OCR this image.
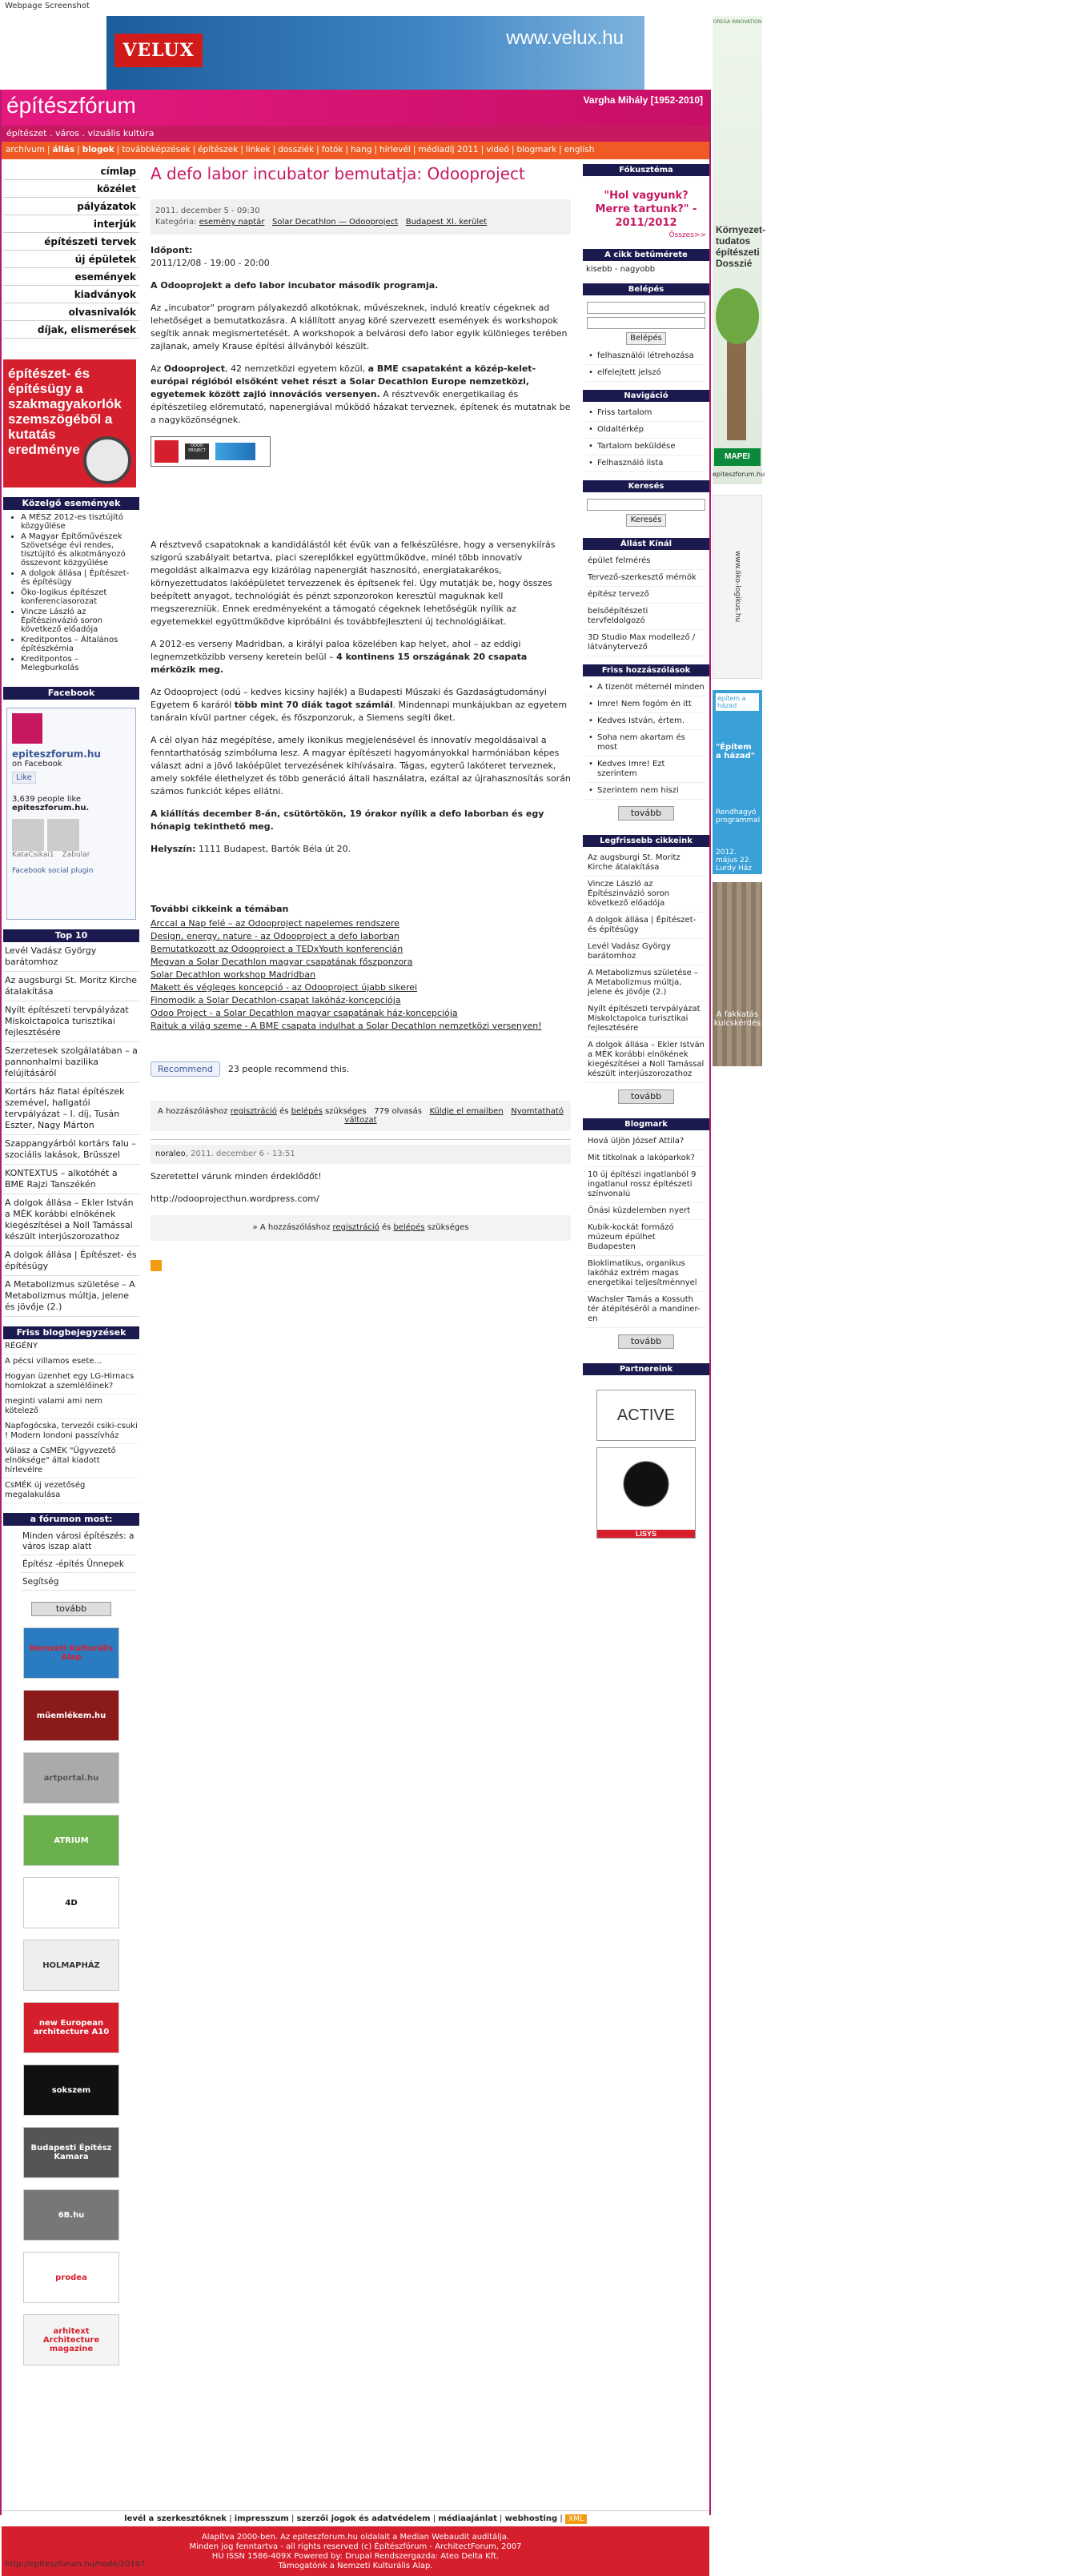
Webpage Screenshot
VELUX
www.velux.hu
építészfórum	Vargha Mihály [1952-2010]
építészet . város . vizuális kultúra
archívum | állás | blogok | továbbképzések | építészek | linkek | dossziék | fotók | hang | hírlevél | médiadíj 2011 | videó | blogmark | english
címlap
közélet
pályázatok
interjúk
építészeti tervek
új épületek
események
kiadványok
olvasnivalók
díjak, elismerések
építészet- és építésügy a szakmagyakorlók szemszögéből a kutatás eredménye
Közelgő események
• A MÉSZ 2012-es tisztújító közgyűlése
• A Magyar Építőművészek Szövetsége évi rendes, tisztújító és alkotmányozó összevont közgyűlése
• A dolgok állása | Építészet- és építésügy
• Öko-logikus építészet konferenciasorozat
• Vincze László az Építészinvázió soron következő előadója
• Kreditpontos – Általános építészkémia
• Kreditpontos – Melegburkolás
Facebook
epiteszforum.hu
on Facebook
Like
3,639 people like
epiteszforum.hu.
KataCsikai1 Zabular
Facebook social plugin
Top 10
Levél Vadász György barátomhoz
Az augsburgi St. Moritz Kirche átalakítása
Nyílt építészeti tervpályázat Miskolctapolca turisztikai fejlesztésére
Szerzetesek szolgálatában – a pannonhalmi bazilika felújításáról
Kortárs ház fiatal építészek szemével, hallgatói tervpályázat – I. díj, Tusán Eszter, Nagy Márton
Szappangyárból kortárs falu – szociális lakások, Brüsszel
KONTEXTUS – alkotóhét a BME Rajzi Tanszékén
A dolgok állása – Ekler István a MÉK korábbi elnökének kiegészítései a Noll Tamással készült interjúszorozathoz
A dolgok állása | Építészet- és építésügy
A Metabolizmus születése – A Metabolizmus múltja, jelene és jövője (2.)
Friss blogbejegyzések
RÉGÉNY
A pécsi villamos esete...
Hogyan üzenhet egy LG-Hirnacs homlokzat a szemlélőinek?
meginti valami ami nem kötelező
Napfogócska, tervezői csiki-csuki ! Modern londoni passzívház
Válasz a CsMÉK "Ügyvezető elnöksége" által kiadott hírlevélre
CsMÉK új vezetőség megalakulása
a fórumon most:
Minden városi építészés: a város iszap alatt
Építész -építés Ünnepek
Segítség
tovább
Nemzeti Kulturális Alap
műemlékem.hu
artportal.hu
ATRIUM
4D
HOLMAPHÁZ
new European architecture A10
sokszem
Budapesti Építész Kamara
6B.hu
prodea
arhitext Architecture magazine
A defo labor incubator bemutatja: Odooproject
2011. december 5 - 09:30
Kategória: esemény naptár Solar Decathlon — Odooproject Budapest XI. kerület

Időpont:
2011/12/08 - 19:00 - 20:00

A Odooprojekt a defo labor incubator második programja.

Az „incubator" program pályakezdő alkotóknak, művészeknek, induló kreatív cégeknek ad lehetőséget a bemutatkozásra. A kiállított anyag köré szervezett események és workshopok segítik annak megismertetését. A workshopok a belvárosi defo labor egyik különleges terében zajlanak, amely Krause építési állványból készült.

Az Odooproject, 42 nemzetközi egyetem közül, a BME csapataként a közép-kelet-európai régióból elsőként vehet részt a Solar Decathlon Europe nemzetközi, egyetemek között zajló innovációs versenyen. A résztvevők energetikailag és építészetileg előremutató, napenergiával működő házakat terveznek, építenek és mutatnak be a nagyközönségnek.

ODOO PROJECT

A résztvevő csapatoknak a kandidálástól két évük van a felkészülésre, hogy a versenykiírás szigorú szabályait betartva, piaci szereplőkkel együttműködve, minél több innovatív megoldást alkalmazva egy kizárólag napenergiát hasznosító, energiatakarékos, környezettudatos lakóépületet tervezzenek és építsenek fel. Úgy mutatják be, hogy összes beépített anyagot, technológiát és pénzt szponzorokon keresztül maguknak kell megszerezniük. Ennek eredményeként a támogató cégeknek lehetőségük nyílik az egyetemekkel együttműködve kipróbálni és továbbfejleszteni új technológiáikat.

A 2012-es verseny Madridban, a királyi paloa közelében kap helyet, ahol – az eddigi legnemzetközibb verseny keretein belül – 4 kontinens 15 országának 20 csapata mérközik meg.

Az Odooproject (odú – kedves kicsiny hajlék) a Budapesti Műszaki és Gazdaságtudományi Egyetem 6 karáról több mint 70 diák tagot számlál. Mindennapi munkájukban az egyetem tanárain kívül partner cégek, és főszponzoruk, a Siemens segíti őket.

A cél olyan ház megépítése, amely ikonikus megjelenésével és innovatív megoldásaival a fenntarthatóság szimbóluma lesz. A magyar építészeti hagyományokkal harmóniában képes választ adni a jövő lakóépület tervezésének kihívásaira. Tágas, egyterű lakóteret terveznek, amely sokféle élethelyzet és több generáció általi használatra, ezáltal az újrahasznosítás során számos funkciót képes ellátni.

A kiállítás december 8-án, csütörtökön, 19 órakor nyílik a defo laborban és egy hónapig tekinthető meg.

Helyszín: 1111 Budapest, Bartók Béla út 20.

További cikkeink a témában
Arccal a Nap felé – az Odooproject napelemes rendszere
Design, energy, nature - az Odooproject a defo laborban
Bemutatkozott az Odooproject a TEDxYouth konferencián
Megvan a Solar Decathlon magyar csapatának főszponzora
Solar Decathlon workshop Madridban
Makett és végleges koncepció - az Odooproject újabb sikerei
Finomodik a Solar Decathlon-csapat lakóház-koncepciója
Odoo Project - a Solar Decathlon magyar csapatának ház-koncepciója
Raituk a világ szeme - A BME csapata indulhat a Solar Decathlon nemzetközi versenyen!
Recommend	23 people recommend this.
A hozzászóláshoz regisztráció és belépés szükséges 779 olvasás Küldje el emailben Nyomtatható változat
noraleo, 2011. december 6 - 13:51

Szeretettel várunk minden érdeklődőt!

http://odooprojecthun.wordpress.com/

» A hozzászóláshoz regisztráció és belépés szükséges
Fókusztéma
"Hol vagyunk? Merre tartunk?" - 2011/2012
Összes>>
A cikk betűmérete
kisebb - nagyobb
Belépés
Belépés
• felhasználói létrehozása
• elfelejtett jelszó
Navigáció
• Friss tartalom
• Oldaltérkép
• Tartalom beküldése
• Felhasználó lista
Keresés
Keresés
Állást Kínál
épület felmérés
Tervező-szerkesztő mérnök
építész tervező
belsőépítészeti tervfeldolgozó
3D Studio Max modellező / látványtervező
Friss hozzászólások
• A tizenöt méternél minden
• Imre! Nem fogóm én itt
• Kedves István, értem.
• Soha nem akartam és most
• Kedves Imre! Ezt szerintem
• Szerintem nem hiszi
tovább
Legfrissebb cikkeink
Az augsburgi St. Moritz Kirche átalakítása
Vincze László az Építészinvázió soron következő előadója
A dolgok állása | Építészet- és építésügy
Levél Vadász György barátomhoz
A Metabolizmus születése – A Metabolizmus múltja, jelene és jövője (2.)
Nyílt építészeti tervpályázat Miskolctapolca turisztikai fejlesztésére
A dolgok állása – Ekler István a MÉK korábbi elnökének kiegészítései a Noll Tamással készült interjúszorozathoz
tovább
Blogmark
Hová üljön József Attila?
Mit titkolnak a lakóparkok?
10 új építészi ingatlanból 9 ingatlanul rossz építészeti színvonalú
Önási küzdelemben nyert
Kubik-kockát formázó múzeum épülhet Budapesten
Bioklimatikus, organikus lakóház extrém magas energetikai teljesítménnyel
Wachsler Tamás a Kossuth tér átépítéséről a mandiner-en
tovább
Partnereink
ACTIVE
LISYS
OREGA INNOVATION
Környezet-tudatos építészeti Dosszié
MAPEI
epiteszforum.hu
www.öko-logikus.hu
építem a házad
"Építem a házad"
Rendhagyó programmal
2012. május 22. Lurdy Ház
A fakkatás kulcskérdés
levél a szerkesztőknek | impresszum | szerzői jogok és adatvédelem | médiaajánlat | webhosting | XML
Alapítva 2000-ben. Az epiteszforum.hu oldalait a Median Webaudit auditálja.
Minden jog fenntartva - all rights reserved (c) Építészfórum - ArchitectForum, 2007
HU ISSN 1586-409X Powered by: Drupal Rendszergazda: Ateo Delta Kft.
Támogatónk a Nemzeti Kulturális Alap.
http://epiteszforum.hu/node/20107
